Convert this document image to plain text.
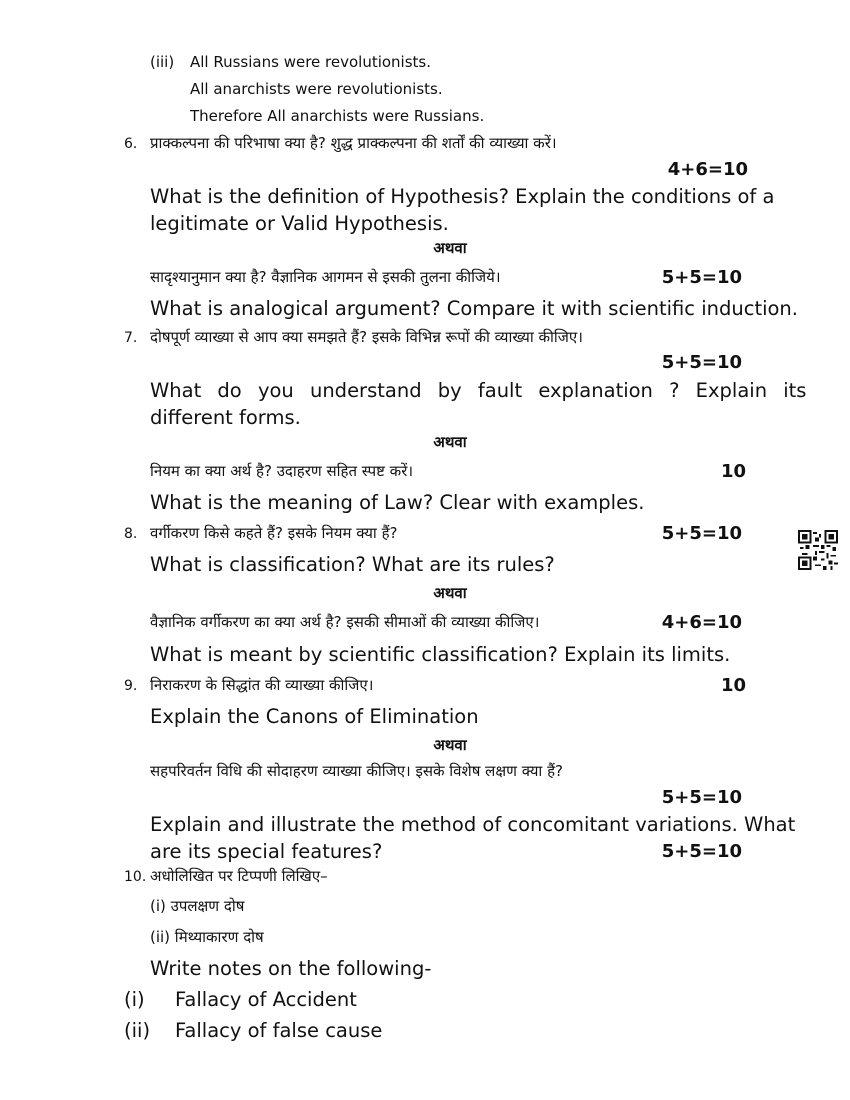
(iii) All Russians were revolutionists.
All anarchists were revolutionists.
Therefore All anarchists were Russians.
6. प्राक्कल्पना की परिभाषा क्या है? शुद्ध प्राक्कल्पना की शर्तों की व्याख्या करें।
4+6=10
What is the definition of Hypothesis? Explain the conditions of a
legitimate or Valid Hypothesis.
अथवा
सादृश्यानुमान क्या है? वैज्ञानिक आगमन से इसकी तुलना कीजिये।	5+5=10
What is analogical argument? Compare it with scientific induction.
7. दोषपूर्ण व्याख्या से आप क्या समझते हैं? इसके विभिन्न रूपों की व्याख्या कीजिए।
5+5=10
What do you understand by fault explanation ? Explain its
different forms.
अथवा
नियम का क्या अर्थ है? उदाहरण सहित स्पष्ट करें।	10
What is the meaning of Law? Clear with examples.
8. वर्गीकरण किसे कहते हैं? इसके नियम क्या हैं?	5+5=10
What is classification? What are its rules?
अथवा
वैज्ञानिक वर्गीकरण का क्या अर्थ है? इसकी सीमाओं की व्याख्या कीजिए।	4+6=10
What is meant by scientific classification? Explain its limits.
9. निराकरण के सिद्धांत की व्याख्या कीजिए।	10
Explain the Canons of Elimination
अथवा
सहपरिवर्तन विधि की सोदाहरण व्याख्या कीजिए। इसके विशेष लक्षण क्या हैं?
5+5=10
Explain and illustrate the method of concomitant variations. What
are its special features?	5+5=10
10. अधोलिखित पर टिप्पणी लिखिए–
(i) उपलक्षण दोष
(ii) मिथ्याकारण दोष
Write notes on the following-
(i) Fallacy of Accident
(ii) Fallacy of false cause
